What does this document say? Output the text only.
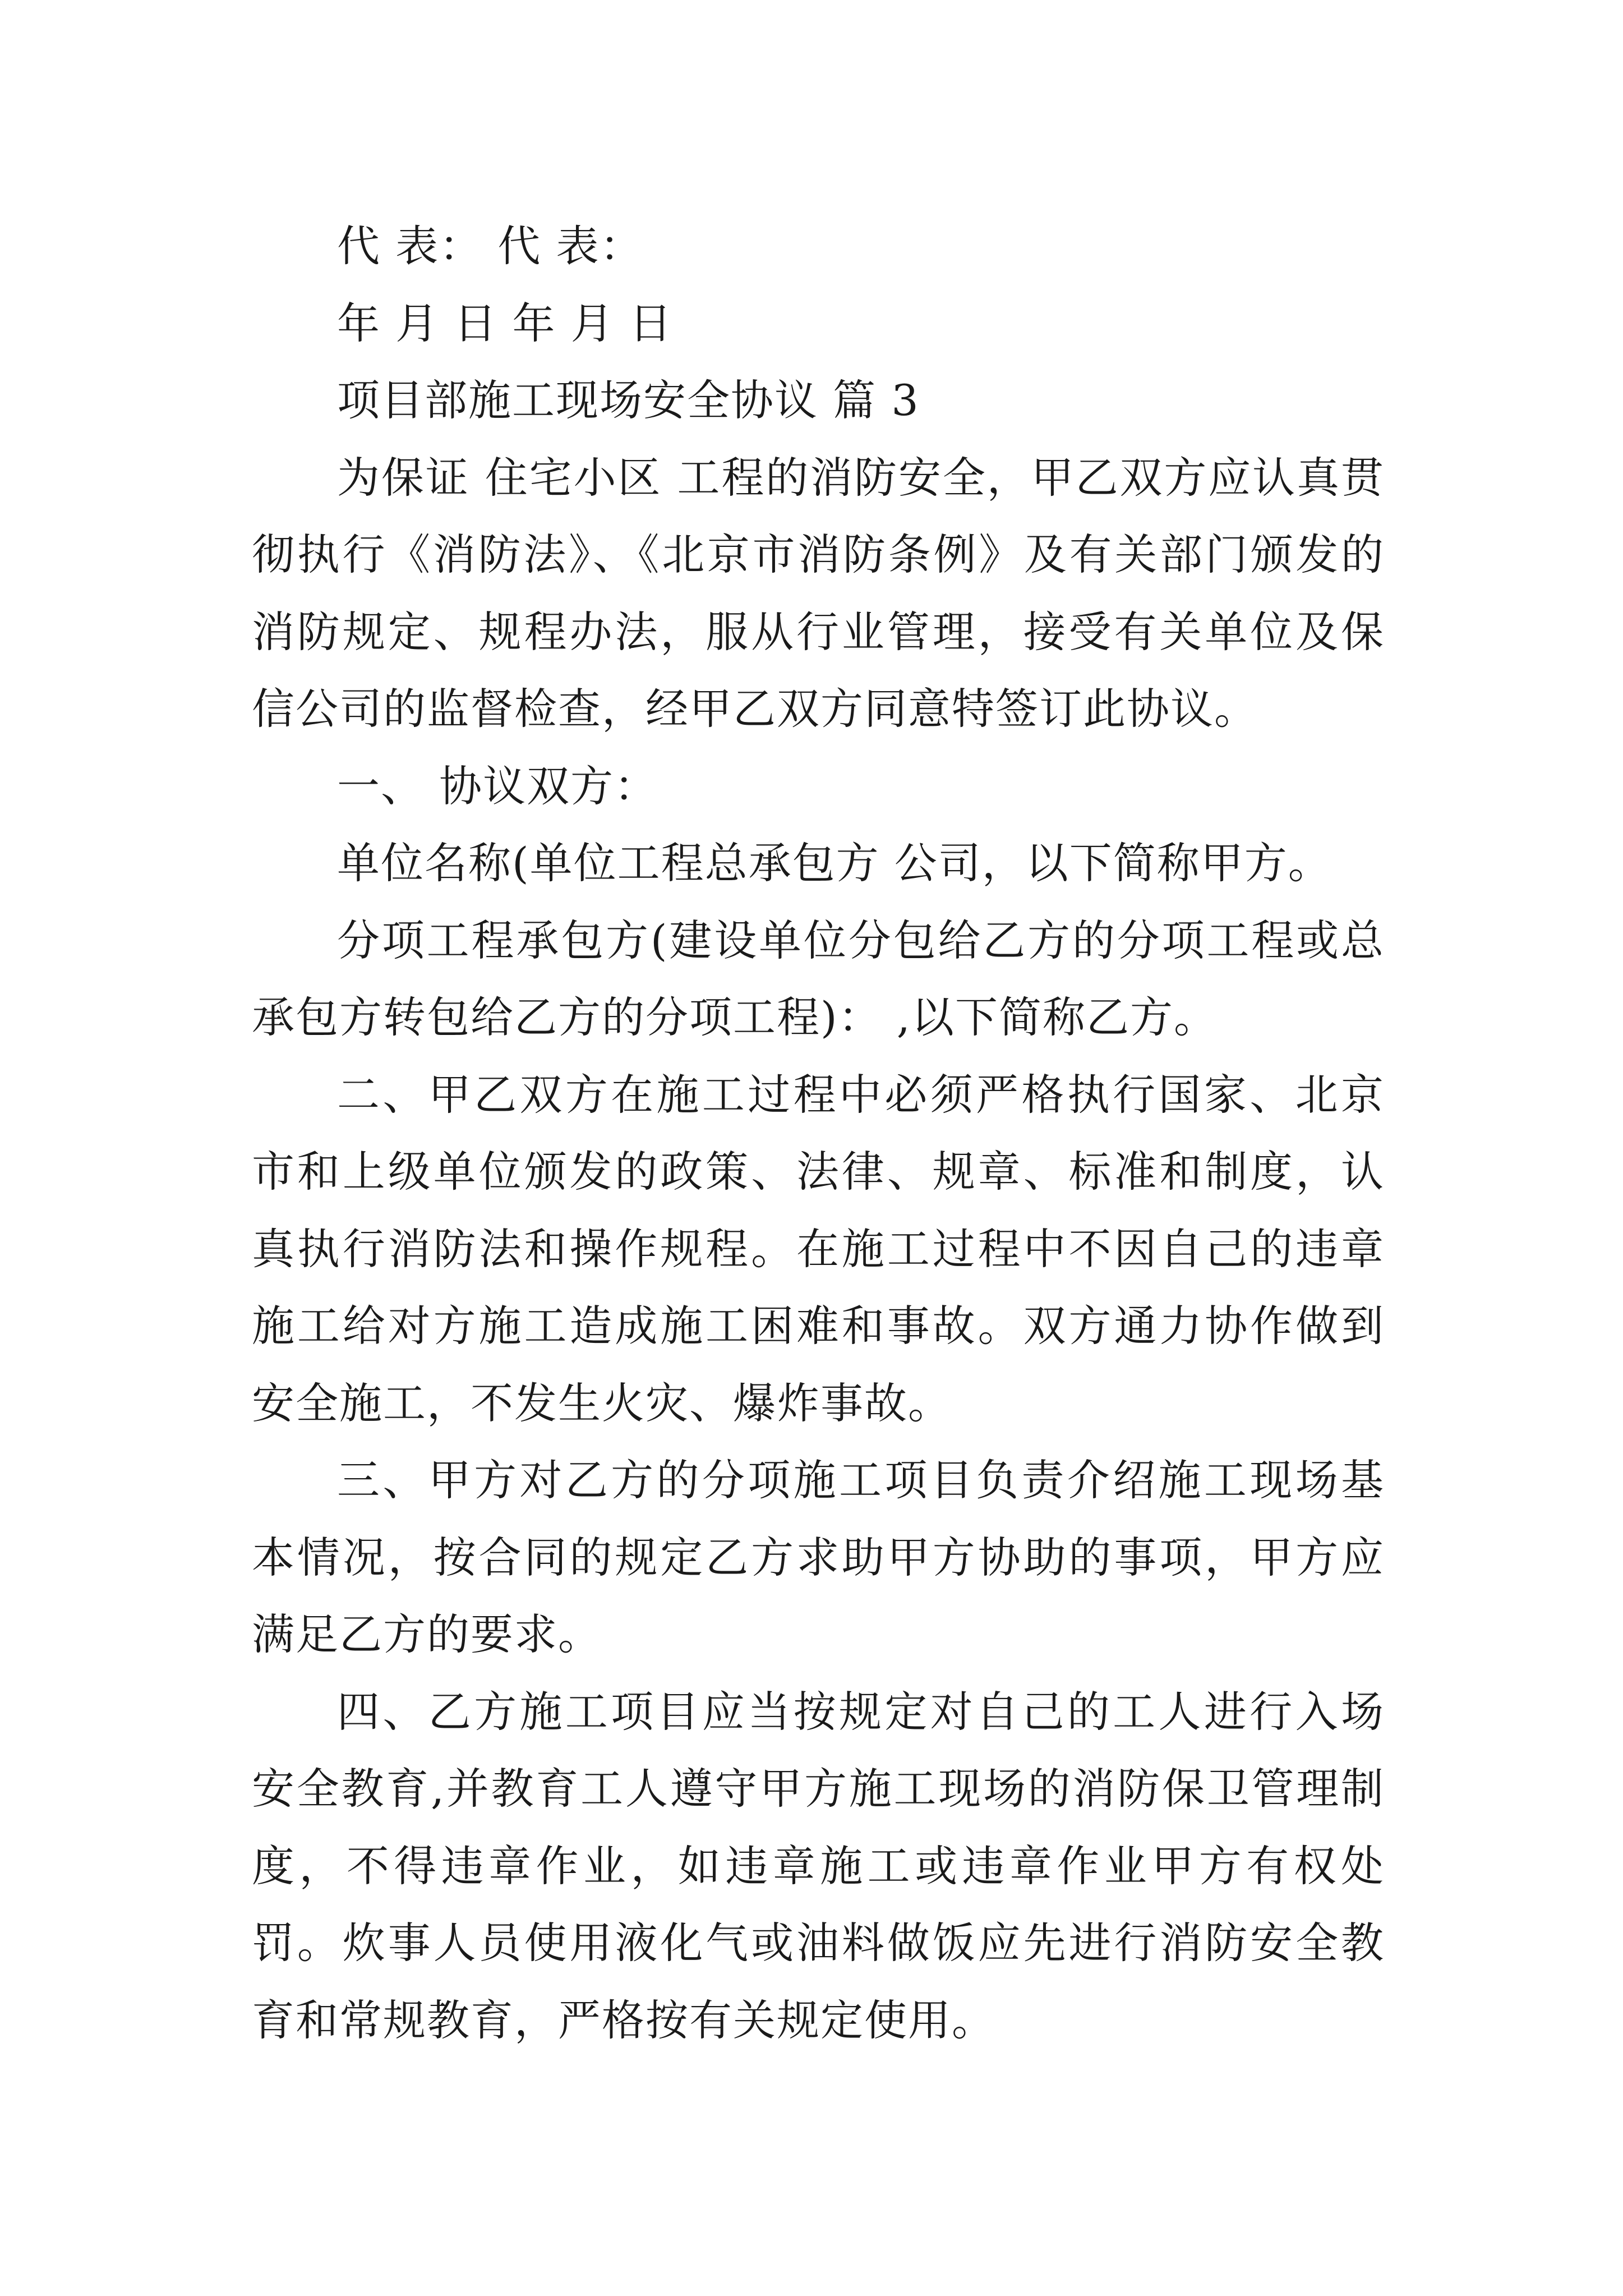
代 表： 代 表：

年 月 日 年 月 日

项目部施工现场安全协议 篇 3

为保证 住宅小区 工程的消防安全，甲乙双方应认真贯彻执行《消防法》、《北京市消防条例》及有关部门颁发的消防规定、规程办法，服从行业管理，接受有关单位及保信公司的监督检查，经甲乙双方同意特签订此协议。

一、 协议双方：

单位名称(单位工程总承包方 公司，以下简称甲方。

分项工程承包方(建设单位分包给乙方的分项工程或总承包方转包给乙方的分项工程)： ,以下简称乙方。

二、甲乙双方在施工过程中必须严格执行国家、北京市和上级单位颁发的政策、法律、规章、标准和制度，认真执行消防法和操作规程。在施工过程中不因自己的违章施工给对方施工造成施工困难和事故。双方通力协作做到安全施工，不发生火灾、爆炸事故。

三、甲方对乙方的分项施工项目负责介绍施工现场基本情况，按合同的规定乙方求助甲方协助的事项，甲方应满足乙方的要求。

四、乙方施工项目应当按规定对自己的工人进行入场安全教育,并教育工人遵守甲方施工现场的消防保卫管理制度，不得违章作业，如违章施工或违章作业甲方有权处罚。炊事人员使用液化气或油料做饭应先进行消防安全教育和常规教育，严格按有关规定使用。
